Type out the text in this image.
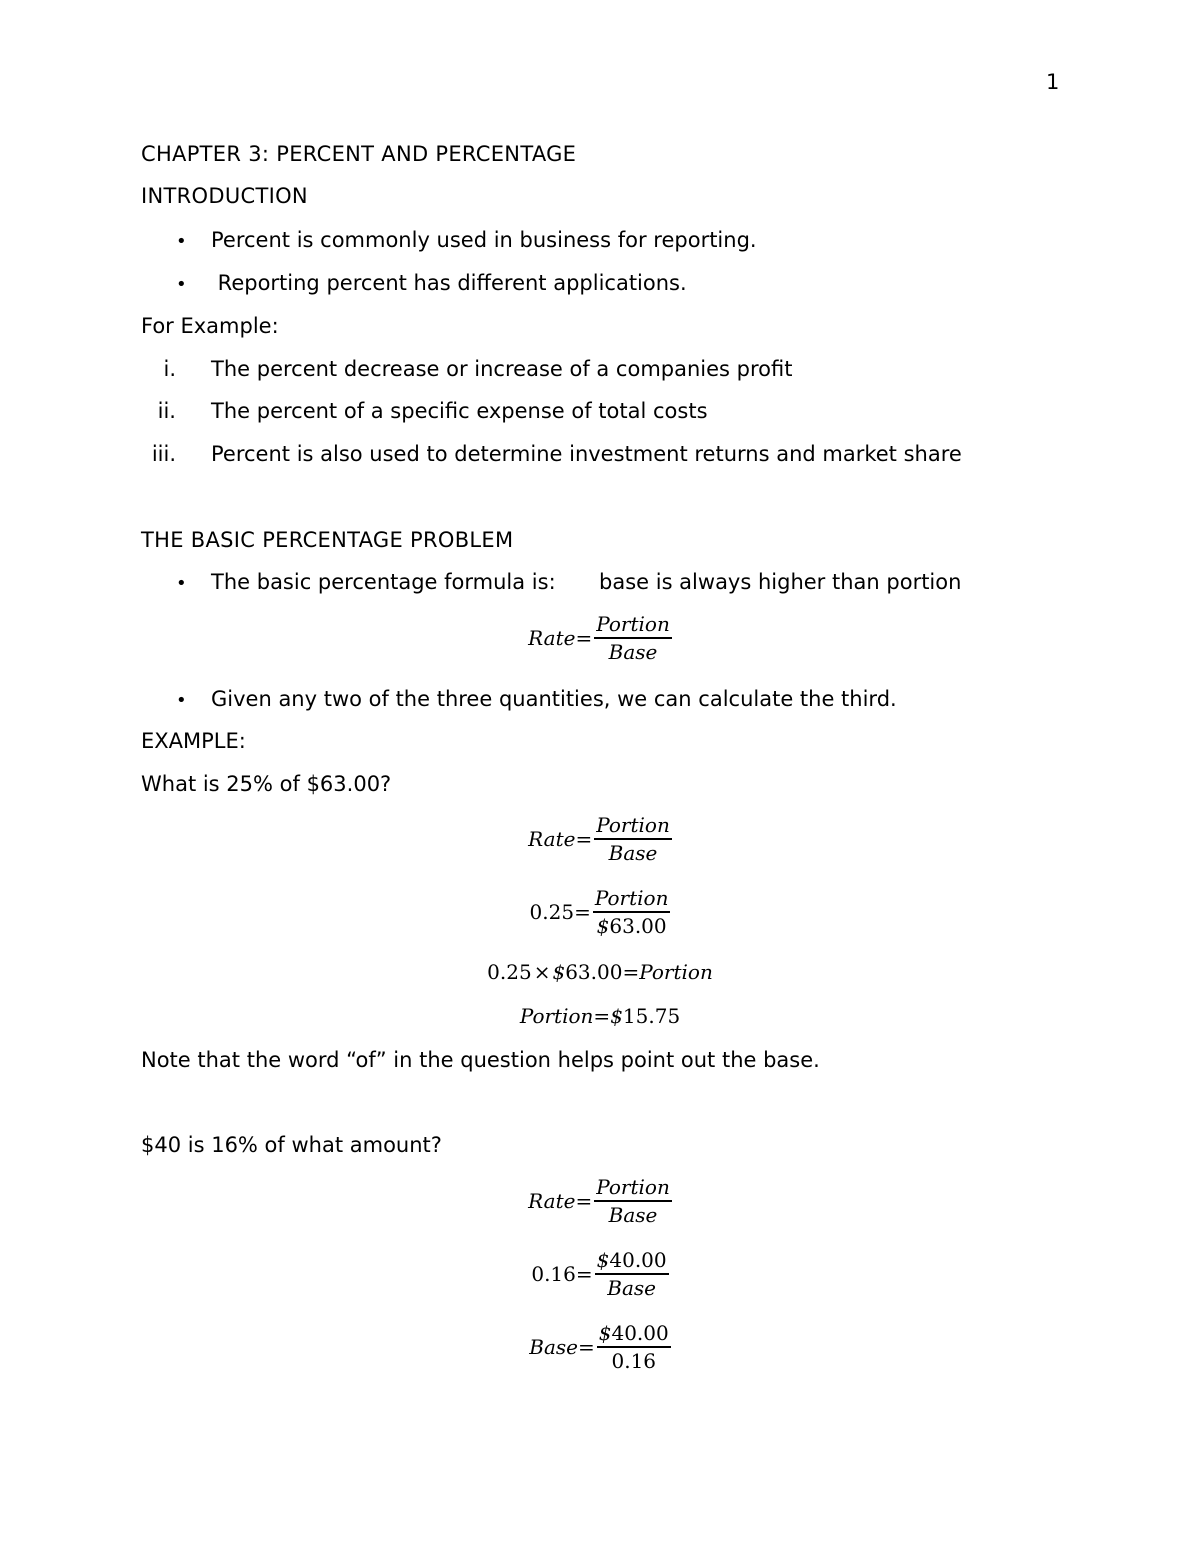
1
CHAPTER 3: PERCENT AND PERCENTAGE
INTRODUCTION
• Percent is commonly used in business for reporting.
• Reporting percent has different applications.
For Example:
i. The percent decrease or increase of a companies profit
ii. The percent of a specific expense of total costs
iii. Percent is also used to determine investment returns and market share
THE BASIC PERCENTAGE PROBLEM
• The basic percentage formula is: base is always higher than portion
Rate = $\frac{\text{Portion}}{\text{Base}}$
• Given any two of the three quantities, we can calculate the third.
EXAMPLE:
What is 25% of $63.00?
Rate = $\frac{\text{Portion}}{\text{Base}}$
$0.25 = \frac{\text{Portion}}{\$63.00}$
0.25 × $ 63.00 = Portion
Portion = $ 15.75
Note that the word “of” in the question helps point out the base.
$40 is 16% of what amount?
Rate = $\frac{\text{Portion}}{\text{Base}}$
$0.16 = \frac{\$40.00}{\text{Base}}$
Base = $\frac{\$40.00}{0.16}$
